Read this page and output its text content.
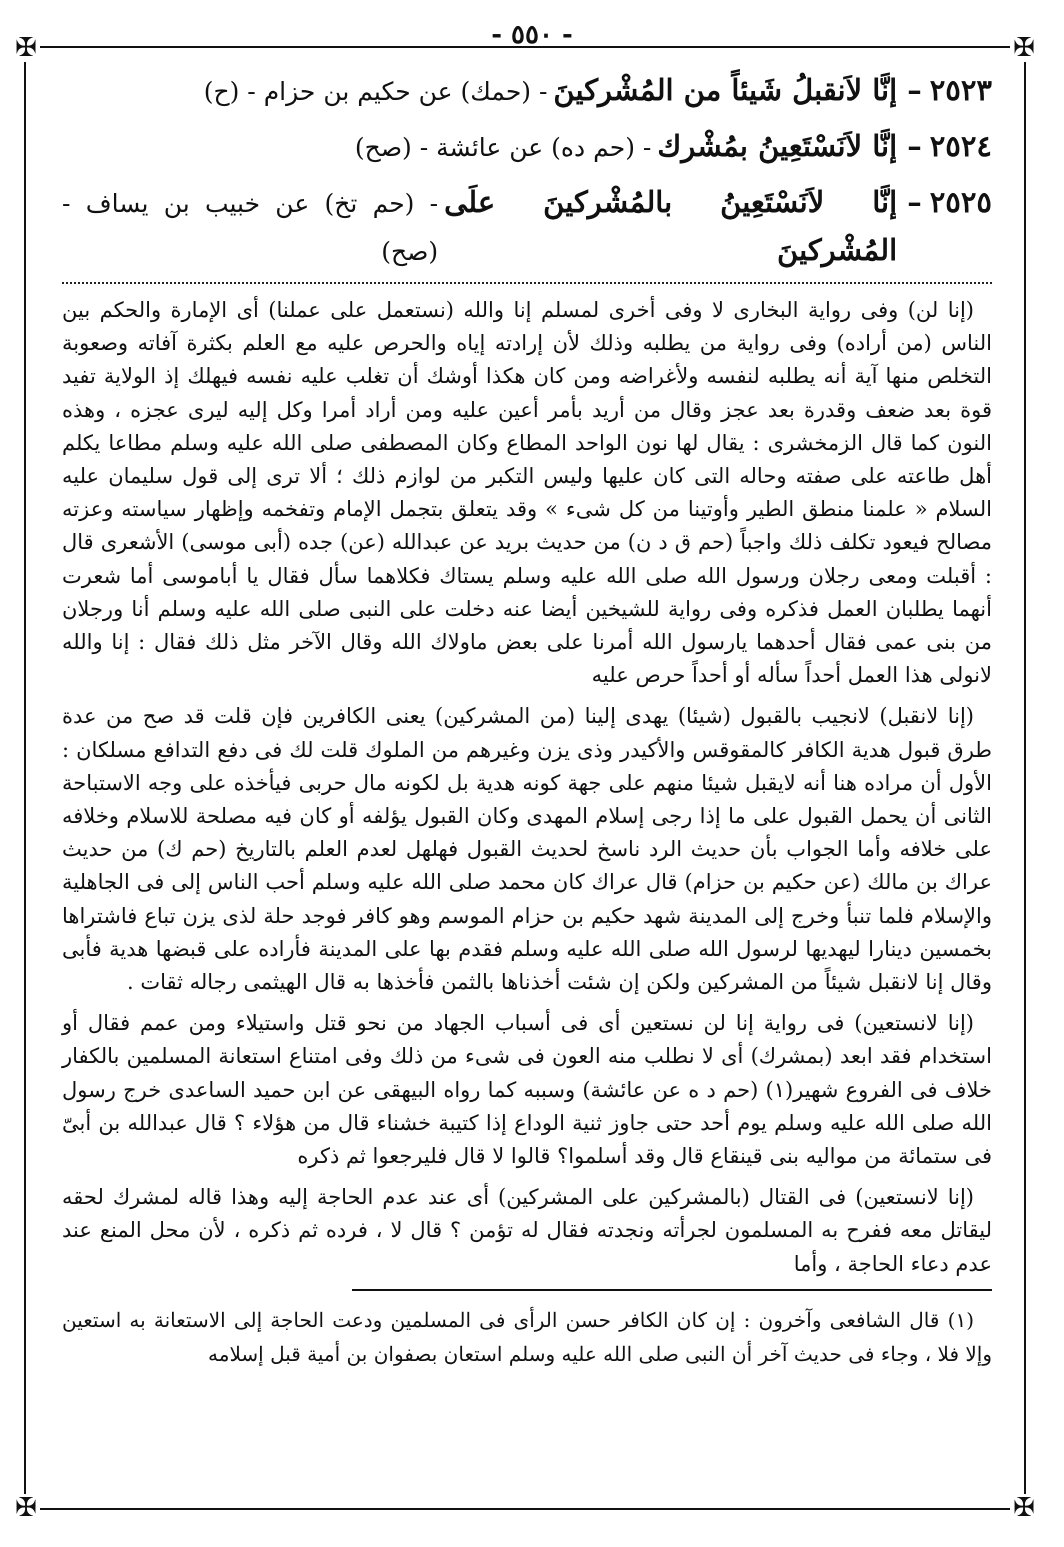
- ٥٥٠ -
✠	✠
✠	✠
٢٥٢٣
–
إنَّا لاَنقبلُ شَيئاً من المُشْركينَ
- (حمك) عن حكيم بن حزام - (ح)
٢٥٢٤
–
إنَّا لاَنَسْتَعِينُ بمُشْرك
- (حم ده) عن عائشة - (صح)
٢٥٢٥
–
إنَّا لاَنَسْتَعِينُ بالمُشْركينَ علَى المُشْركينَ
- (حم تخ) عن خبيب بن يساف - (صح)

(إنا لن) وفى رواية البخارى لا وفى أخرى لمسلم إنا والله (نستعمل على عملنا) أى الإمارة والحكم بين الناس (من أراده) وفى رواية من يطلبه وذلك لأن إرادته إياه والحرص عليه مع العلم بكثرة آفاته وصعوبة التخلص منها آية أنه يطلبه لنفسه ولأغراضه ومن كان هكذا أوشك أن تغلب عليه نفسه فيهلك إذ الولاية تفيد قوة بعد ضعف وقدرة بعد عجز وقال من أريد بأمر أعين عليه ومن أراد أمرا وكل إليه ليرى عجزه ، وهذه النون كما قال الزمخشرى : يقال لها نون الواحد المطاع وكان المصطفى صلى الله عليه وسلم مطاعا يكلم أهل طاعته على صفته وحاله التى كان عليها وليس التكبر من لوازم ذلك ؛ ألا ترى إلى قول سليمان عليه السلام « علمنا منطق الطير وأوتينا من كل شىء » وقد يتعلق بتجمل الإمام وتفخمه وإظهار سياسته وعزته مصالح فيعود تكلف ذلك واجباً (حم ق د ن) من حديث بريد عن عبدالله (عن) جده (أبى موسى) الأشعرى قال : أقبلت ومعى رجلان ورسول الله صلى الله عليه وسلم يستاك فكلاهما سأل فقال يا أباموسى أما شعرت أنهما يطلبان العمل فذكره وفى رواية للشيخين أيضا عنه دخلت على النبى صلى الله عليه وسلم أنا ورجلان من بنى عمى فقال أحدهما يارسول الله أمرنا على بعض ماولاك الله وقال الآخر مثل ذلك فقال : إنا والله لانولى هذا العمل أحداً سأله أو أحداً حرص عليه

(إنا لانقبل) لانجيب بالقبول (شيئا) يهدى إلينا (من المشركين) يعنى الكافرين فإن قلت قد صح من عدة طرق قبول هدية الكافر كالمقوقس والأكيدر وذى يزن وغيرهم من الملوك قلت لك فى دفع التدافع مسلكان : الأول أن مراده هنا أنه لايقبل شيئا منهم على جهة كونه هدية بل لكونه مال حربى فيأخذه على وجه الاستباحة الثانى أن يحمل القبول على ما إذا رجى إسلام المهدى وكان القبول يؤلفه أو كان فيه مصلحة للاسلام وخلافه على خلافه وأما الجواب بأن حديث الرد ناسخ لحديث القبول فهلهل لعدم العلم بالتاريخ (حم ك) من حديث عراك بن مالك (عن حكيم بن حزام) قال عراك كان محمد صلى الله عليه وسلم أحب الناس إلى فى الجاهلية والإسلام فلما تنبأ وخرج إلى المدينة شهد حكيم بن حزام الموسم وهو كافر فوجد حلة لذى يزن تباع فاشتراها بخمسين دينارا ليهديها لرسول الله صلى الله عليه وسلم فقدم بها على المدينة فأراده على قبضها هدية فأبى وقال إنا لانقبل شيئاً من المشركين ولكن إن شئت أخذناها بالثمن فأخذها به قال الهيثمى رجاله ثقات .

(إنا لانستعين) فى رواية إنا لن نستعين أى فى أسباب الجهاد من نحو قتل واستيلاء ومن عمم فقال أو استخدام فقد ابعد (بمشرك) أى لا نطلب منه العون فى شىء من ذلك وفى امتناع استعانة المسلمين بالكفار خلاف فى الفروع شهير(١) (حم د ه عن عائشة) وسببه كما رواه البيهقى عن ابن حميد الساعدى خرج رسول الله صلى الله عليه وسلم يوم أحد حتى جاوز ثنية الوداع إذا كتيبة خشناء قال من هؤلاء ؟ قال عبدالله بن أبىّ فى ستمائة من مواليه بنى قينقاع قال وقد أسلموا؟ قالوا لا قال فليرجعوا ثم ذكره

(إنا لانستعين) فى القتال (بالمشركين على المشركين) أى عند عدم الحاجة إليه وهذا قاله لمشرك لحقه ليقاتل معه ففرح به المسلمون لجرأته ونجدته فقال له تؤمن ؟ قال لا ، فرده ثم ذكره ، لأن محل المنع عند عدم دعاء الحاجة ، وأما

(١) قال الشافعى وآخرون : إن كان الكافر حسن الرأى فى المسلمين ودعت الحاجة إلى الاستعانة به استعين وإلا فلا ، وجاء فى حديث آخر أن النبى صلى الله عليه وسلم استعان بصفوان بن أمية قبل إسلامه
